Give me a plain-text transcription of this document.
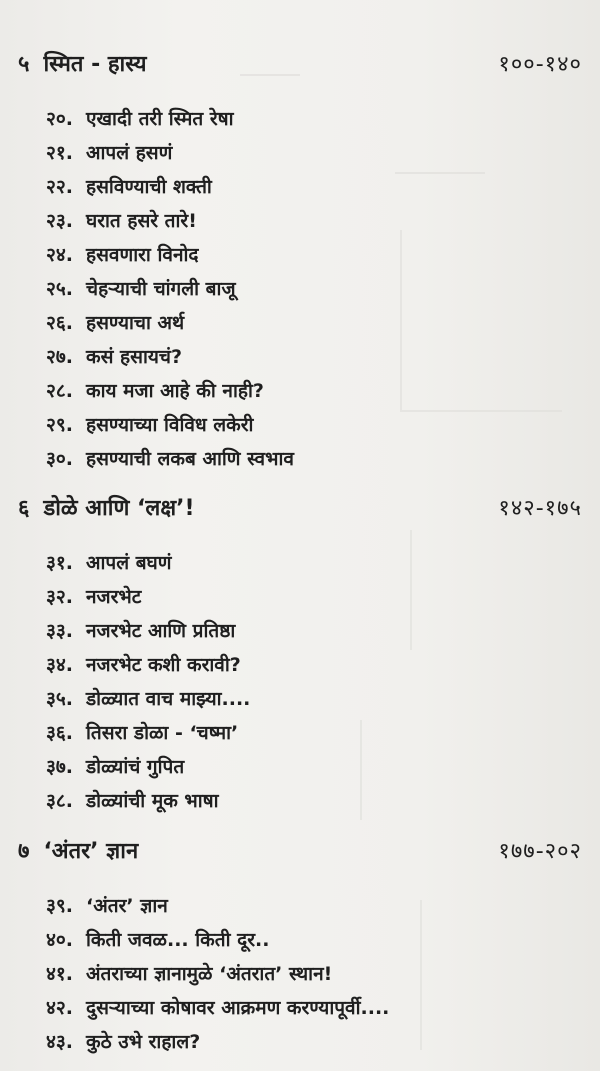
५ स्मित - हास्य	१००-१४०
२०. एखादी तरी स्मित रेषा
२१. आपलं हसणं
२२. हसविण्याची शक्ती
२३. घरात हसरे तारे!
२४. हसवणारा विनोद
२५. चेहऱ्याची चांगली बाजू
२६. हसण्याचा अर्थ
२७. कसं हसायचं?
२८. काय मजा आहे की नाही?
२९. हसण्याच्या विविध लकेरी
३०. हसण्याची लकब आणि स्वभाव
६ डोळे आणि ‘लक्ष’!	१४२-१७५
३१. आपलं बघणं
३२. नजरभेट
३३. नजरभेट आणि प्रतिष्ठा
३४. नजरभेट कशी करावी?
३५. डोळ्यात वाच माझ्या....
३६. तिसरा डोळा - ‘चष्मा’
३७. डोळ्यांचं गुपित
३८. डोळ्यांची मूक भाषा
७ ‘अंतर’ ज्ञान	१७७-२०२
३९. ‘अंतर’ ज्ञान
४०. किती जवळ... किती दूर..
४१. अंतराच्या ज्ञानामुळे ‘अंतरात’ स्थान!
४२. दुसऱ्याच्या कोषावर आक्रमण करण्यापूर्वी....
४३. कुठे उभे राहाल?
